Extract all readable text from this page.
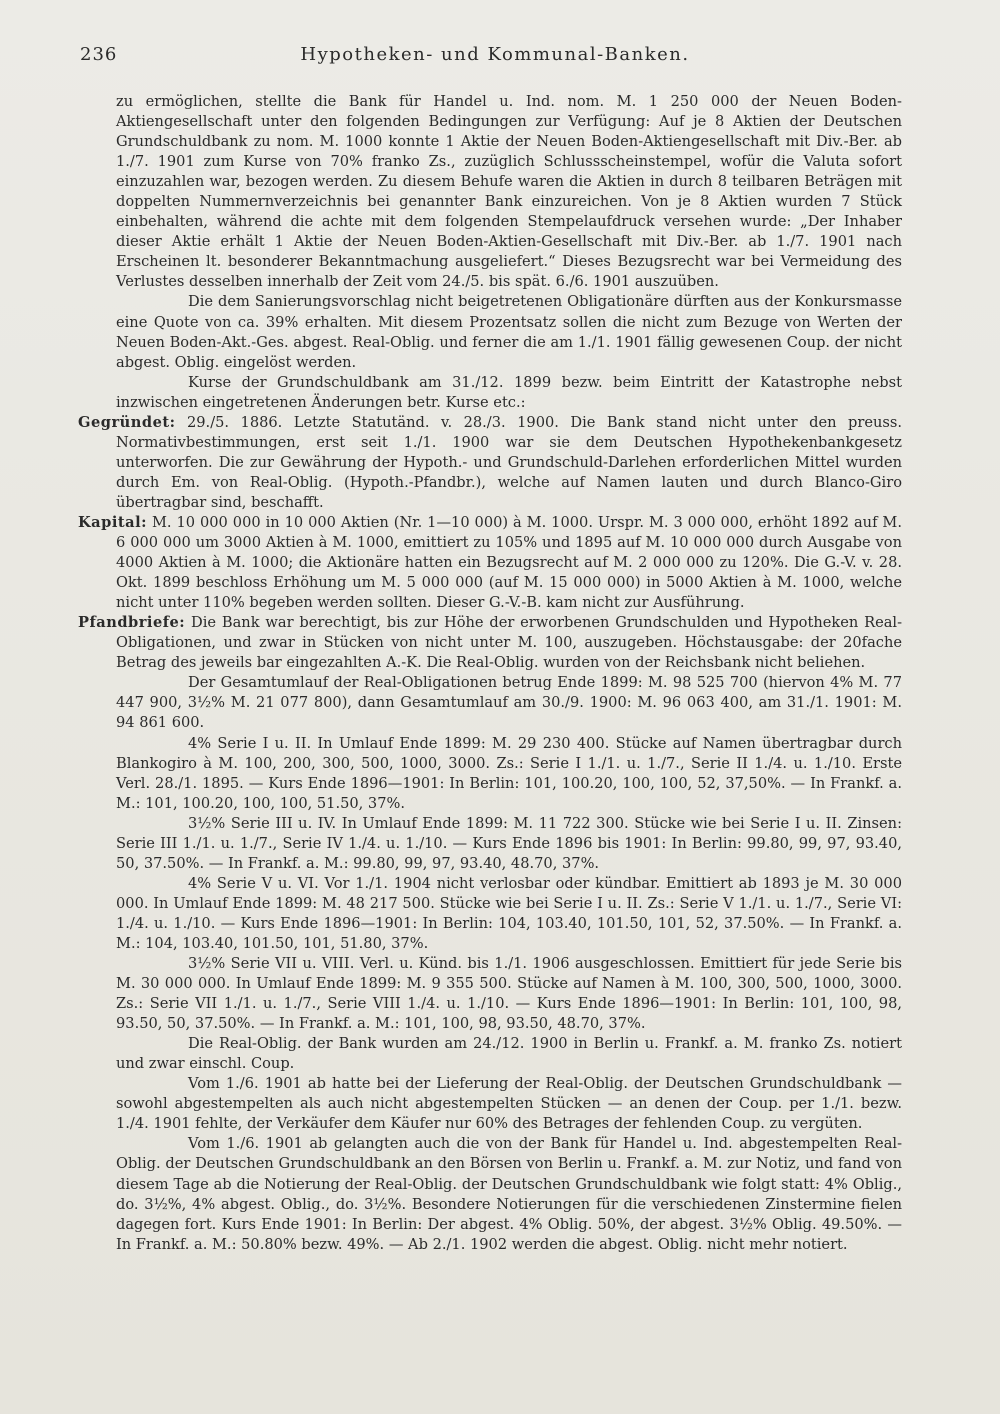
236	Hypotheken- und Kommunal-Banken.

zu ermöglichen, stellte die Bank für Handel u. Ind. nom. M. 1 250 000 der Neuen Boden-Aktiengesellschaft unter den folgenden Bedingungen zur Verfügung: Auf je 8 Aktien der Deutschen Grundschuldbank zu nom. M. 1000 konnte 1 Aktie der Neuen Boden-Aktiengesellschaft mit Div.-Ber. ab 1./7. 1901 zum Kurse von 70% franko Zs., zuzüglich Schlussscheinstempel, wofür die Valuta sofort einzuzahlen war, bezogen werden. Zu diesem Behufe waren die Aktien in durch 8 teilbaren Beträgen mit doppelten Nummernverzeichnis bei genannter Bank einzureichen. Von je 8 Aktien wurden 7 Stück einbehalten, während die achte mit dem folgenden Stempelaufdruck versehen wurde: „Der Inhaber dieser Aktie erhält 1 Aktie der Neuen Boden-Aktien-Gesellschaft mit Div.-Ber. ab 1./7. 1901 nach Erscheinen lt. besonderer Bekanntmachung ausgeliefert.“ Dieses Bezugsrecht war bei Vermeidung des Verlustes desselben innerhalb der Zeit vom 24./5. bis spät. 6./6. 1901 auszuüben.

Die dem Sanierungsvorschlag nicht beigetretenen Obligationäre dürften aus der Konkursmasse eine Quote von ca. 39% erhalten. Mit diesem Prozentsatz sollen die nicht zum Bezuge von Werten der Neuen Boden-Akt.-Ges. abgest. Real-Oblig. und ferner die am 1./1. 1901 fällig gewesenen Coup. der nicht abgest. Oblig. eingelöst werden.

Kurse der Grundschuldbank am 31./12. 1899 bezw. beim Eintritt der Katastrophe nebst inzwischen eingetretenen Änderungen betr. Kurse etc.:

Gegründet: 29./5. 1886. Letzte Statutänd. v. 28./3. 1900. Die Bank stand nicht unter den preuss. Normativbestimmungen, erst seit 1./1. 1900 war sie dem Deutschen Hypothekenbankgesetz unterworfen. Die zur Gewährung der Hypoth.- und Grundschuld-Darlehen erforderlichen Mittel wurden durch Em. von Real-Oblig. (Hypoth.-Pfandbr.), welche auf Namen lauten und durch Blanco-Giro übertragbar sind, beschafft.

Kapital: M. 10 000 000 in 10 000 Aktien (Nr. 1—10 000) à M. 1000. Urspr. M. 3 000 000, erhöht 1892 auf M. 6 000 000 um 3000 Aktien à M. 1000, emittiert zu 105% und 1895 auf M. 10 000 000 durch Ausgabe von 4000 Aktien à M. 1000; die Aktionäre hatten ein Bezugsrecht auf M. 2 000 000 zu 120%. Die G.-V. v. 28. Okt. 1899 beschloss Erhöhung um M. 5 000 000 (auf M. 15 000 000) in 5000 Aktien à M. 1000, welche nicht unter 110% begeben werden sollten. Dieser G.-V.-B. kam nicht zur Ausführung.

Pfandbriefe: Die Bank war berechtigt, bis zur Höhe der erworbenen Grundschulden und Hypotheken Real-Obligationen, und zwar in Stücken von nicht unter M. 100, auszugeben. Höchstausgabe: der 20fache Betrag des jeweils bar eingezahlten A.-K. Die Real-Oblig. wurden von der Reichsbank nicht beliehen.

Der Gesamtumlauf der Real-Obligationen betrug Ende 1899: M. 98 525 700 (hiervon 4% M. 77 447 900, 3½% M. 21 077 800), dann Gesamtumlauf am 30./9. 1900: M. 96 063 400, am 31./1. 1901: M. 94 861 600.

4% Serie I u. II. In Umlauf Ende 1899: M. 29 230 400. Stücke auf Namen übertragbar durch Blankogiro à M. 100, 200, 300, 500, 1000, 3000. Zs.: Serie I 1./1. u. 1./7., Serie II 1./4. u. 1./10. Erste Verl. 28./1. 1895. — Kurs Ende 1896—1901: In Berlin: 101, 100.20, 100, 100, 52, 37,50%. — In Frankf. a. M.: 101, 100.20, 100, 100, 51.50, 37%.

3½% Serie III u. IV. In Umlauf Ende 1899: M. 11 722 300. Stücke wie bei Serie I u. II. Zinsen: Serie III 1./1. u. 1./7., Serie IV 1./4. u. 1./10. — Kurs Ende 1896 bis 1901: In Berlin: 99.80, 99, 97, 93.40, 50, 37.50%. — In Frankf. a. M.: 99.80, 99, 97, 93.40, 48.70, 37%.

4% Serie V u. VI. Vor 1./1. 1904 nicht verlosbar oder kündbar. Emittiert ab 1893 je M. 30 000 000. In Umlauf Ende 1899: M. 48 217 500. Stücke wie bei Serie I u. II. Zs.: Serie V 1./1. u. 1./7., Serie VI: 1./4. u. 1./10. — Kurs Ende 1896—1901: In Berlin: 104, 103.40, 101.50, 101, 52, 37.50%. — In Frankf. a. M.: 104, 103.40, 101.50, 101, 51.80, 37%.

3½% Serie VII u. VIII. Verl. u. Künd. bis 1./1. 1906 ausgeschlossen. Emittiert für jede Serie bis M. 30 000 000. In Umlauf Ende 1899: M. 9 355 500. Stücke auf Namen à M. 100, 300, 500, 1000, 3000. Zs.: Serie VII 1./1. u. 1./7., Serie VIII 1./4. u. 1./10. — Kurs Ende 1896—1901: In Berlin: 101, 100, 98, 93.50, 50, 37.50%. — In Frankf. a. M.: 101, 100, 98, 93.50, 48.70, 37%.

Die Real-Oblig. der Bank wurden am 24./12. 1900 in Berlin u. Frankf. a. M. franko Zs. notiert und zwar einschl. Coup.

Vom 1./6. 1901 ab hatte bei der Lieferung der Real-Oblig. der Deutschen Grundschuldbank — sowohl abgestempelten als auch nicht abgestempelten Stücken — an denen der Coup. per 1./1. bezw. 1./4. 1901 fehlte, der Verkäufer dem Käufer nur 60% des Betrages der fehlenden Coup. zu vergüten.

Vom 1./6. 1901 ab gelangten auch die von der Bank für Handel u. Ind. abgestempelten Real-Oblig. der Deutschen Grundschuldbank an den Börsen von Berlin u. Frankf. a. M. zur Notiz, und fand von diesem Tage ab die Notierung der Real-Oblig. der Deutschen Grundschuldbank wie folgt statt: 4% Oblig., do. 3½%, 4% abgest. Oblig., do. 3½%. Besondere Notierungen für die verschiedenen Zinstermine fielen dagegen fort. Kurs Ende 1901: In Berlin: Der abgest. 4% Oblig. 50%, der abgest. 3½% Oblig. 49.50%. — In Frankf. a. M.: 50.80% bezw. 49%. — Ab 2./1. 1902 werden die abgest. Oblig. nicht mehr notiert.
